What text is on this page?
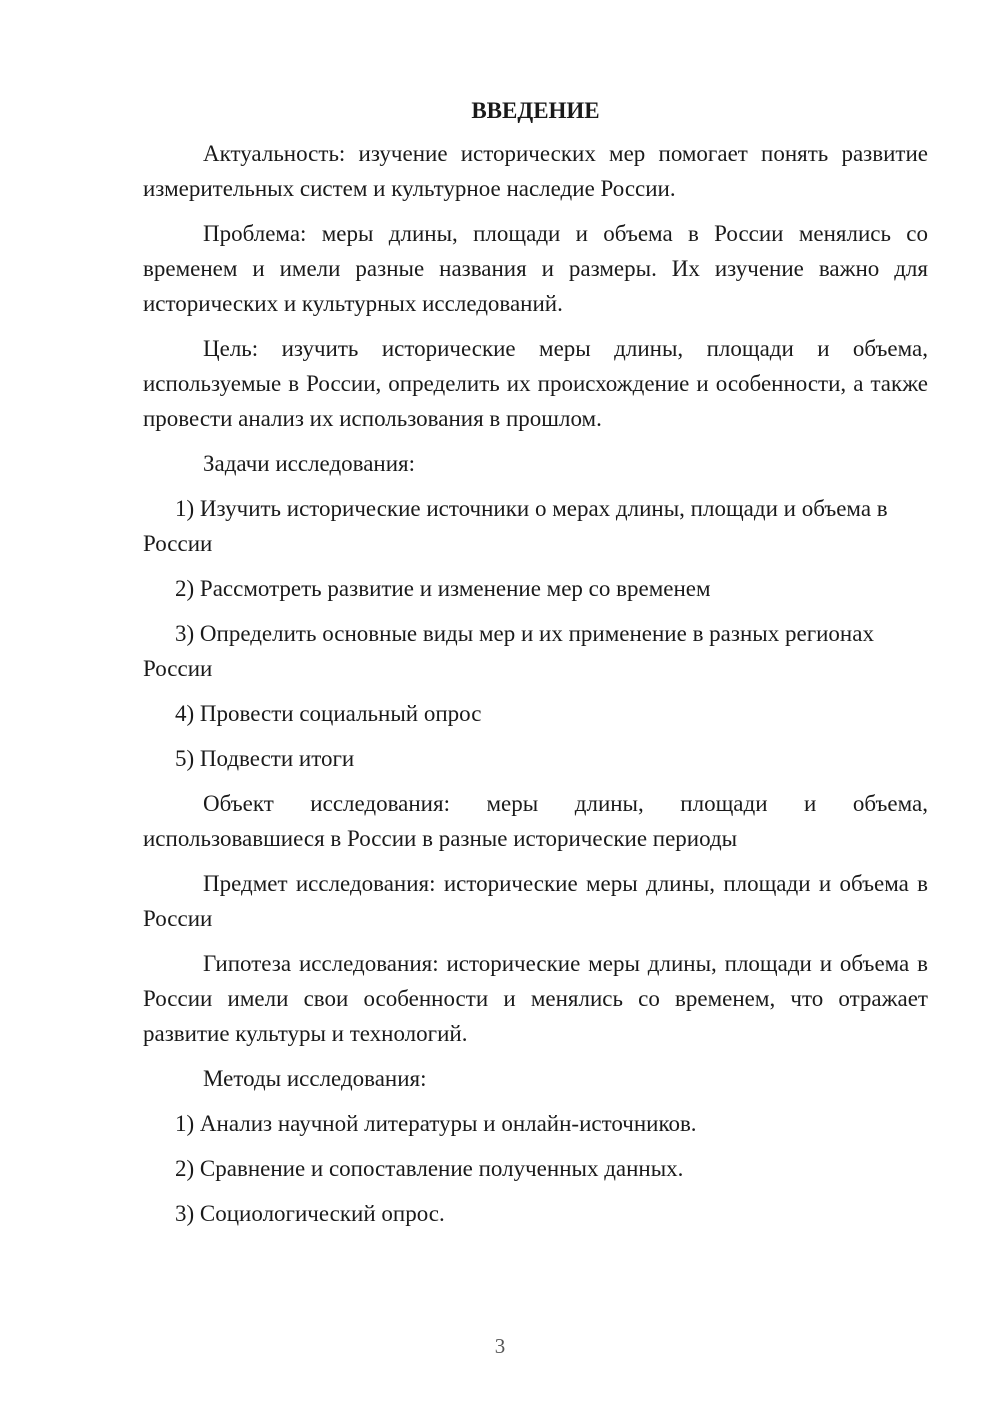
ВВЕДЕНИЕ

Актуальность: изучение исторических мер помогает понять развитие измерительных систем и культурное наследие России.

Проблема: меры длины, площади и объема в России менялись со временем и имели разные названия и размеры. Их изучение важно для исторических и культурных исследований.

Цель: изучить исторические меры длины, площади и объема, используемые в России, определить их происхождение и особенности, а также провести анализ их использования в прошлом.

Задачи исследования:

1) Изучить исторические источники о мерах длины, площади и объема в России

2) Рассмотреть развитие и изменение мер со временем

3) Определить основные виды мер и их применение в разных регионах России

4) Провести социальный опрос

5) Подвести итоги

Объект исследования: меры длины, площади и объема, использовавшиеся в России в разные исторические периоды

Предмет исследования: исторические меры длины, площади и объема в России

Гипотеза исследования: исторические меры длины, площади и объема в России имели свои особенности и менялись со временем, что отражает развитие культуры и технологий.

Методы исследования:

1) Анализ научной литературы и онлайн-источников.

2) Сравнение и сопоставление полученных данных.

3) Социологический опрос.

3
